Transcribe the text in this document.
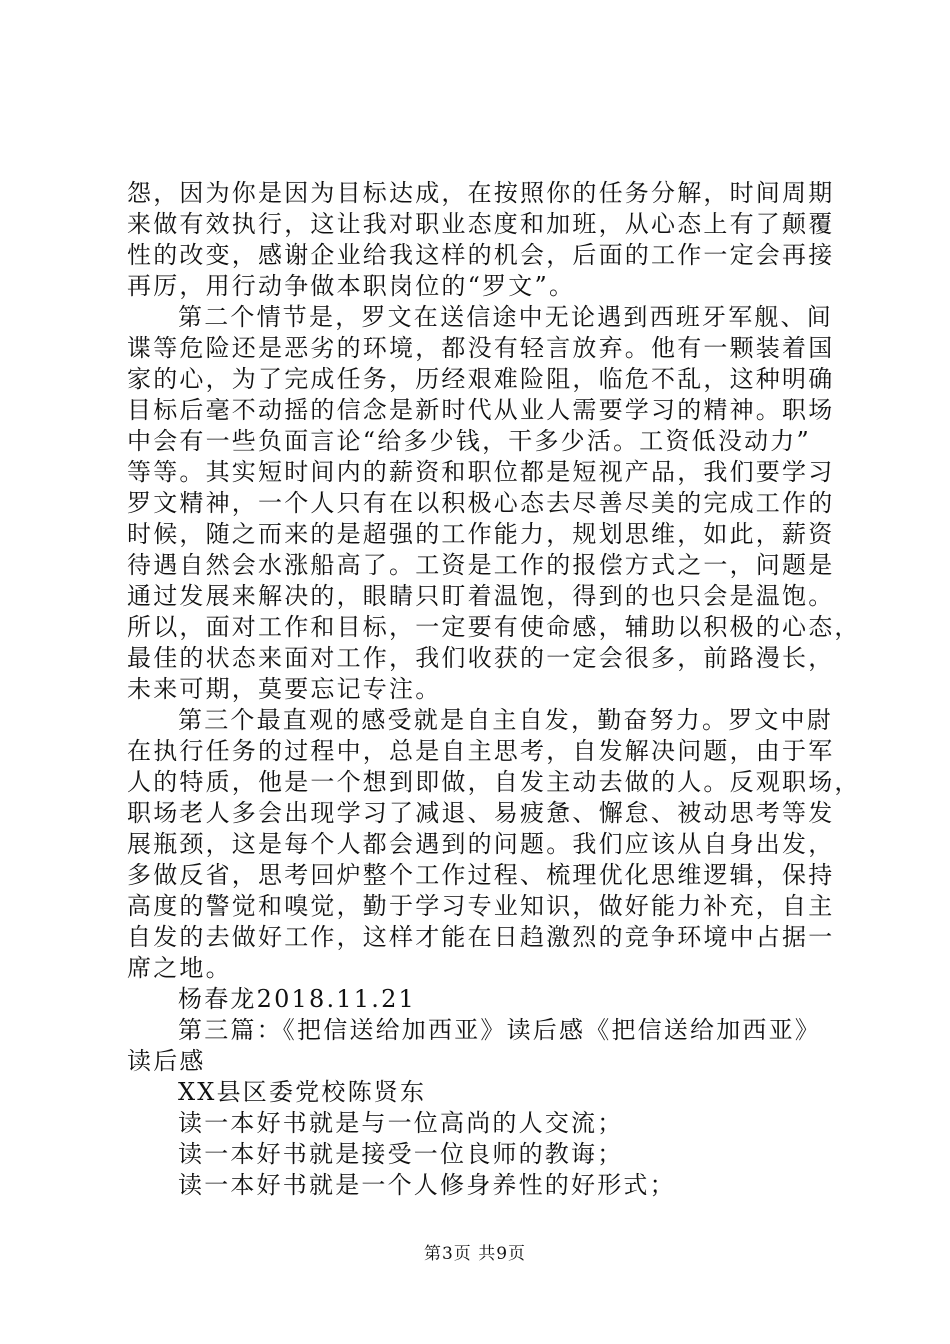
怨，因为你是因为目标达成，在按照你的任务分解，时间周期
来做有效执行，这让我对职业态度和加班，从心态上有了颠覆
性的改变，感谢企业给我这样的机会，后面的工作一定会再接
再厉，用行动争做本职岗位的“罗文”。
第二个情节是，罗文在送信途中无论遇到西班牙军舰、间
谍等危险还是恶劣的环境，都没有轻言放弃。他有一颗装着国
家的心，为了完成任务，历经艰难险阻，临危不乱，这种明确
目标后毫不动摇的信念是新时代从业人需要学习的精神。职场
中会有一些负面言论“给多少钱，干多少活。工资低没动力”
等等。其实短时间内的薪资和职位都是短视产品，我们要学习
罗文精神，一个人只有在以积极心态去尽善尽美的完成工作的
时候，随之而来的是超强的工作能力，规划思维，如此，薪资
待遇自然会水涨船高了。工资是工作的报偿方式之一，问题是
通过发展来解决的，眼睛只盯着温饱，得到的也只会是温饱。
所以，面对工作和目标，一定要有使命感，辅助以积极的心态，
最佳的状态来面对工作，我们收获的一定会很多，前路漫长，
未来可期，莫要忘记专注。
第三个最直观的感受就是自主自发，勤奋努力。罗文中尉
在执行任务的过程中，总是自主思考，自发解决问题，由于军
人的特质，他是一个想到即做，自发主动去做的人。反观职场，
职场老人多会出现学习了减退、易疲惫、懈怠、被动思考等发
展瓶颈，这是每个人都会遇到的问题。我们应该从自身出发，
多做反省，思考回炉整个工作过程、梳理优化思维逻辑，保持
高度的警觉和嗅觉，勤于学习专业知识，做好能力补充，自主
自发的去做好工作，这样才能在日趋激烈的竞争环境中占据一
席之地。
杨春龙2018.11.21
第三篇：《把信送给加西亚》读后感《把信送给加西亚》
读后感
XX县区委党校陈贤东
读一本好书就是与一位高尚的人交流；
读一本好书就是接受一位良师的教诲；
读一本好书就是一个人修身养性的好形式；
第3页 共9页
